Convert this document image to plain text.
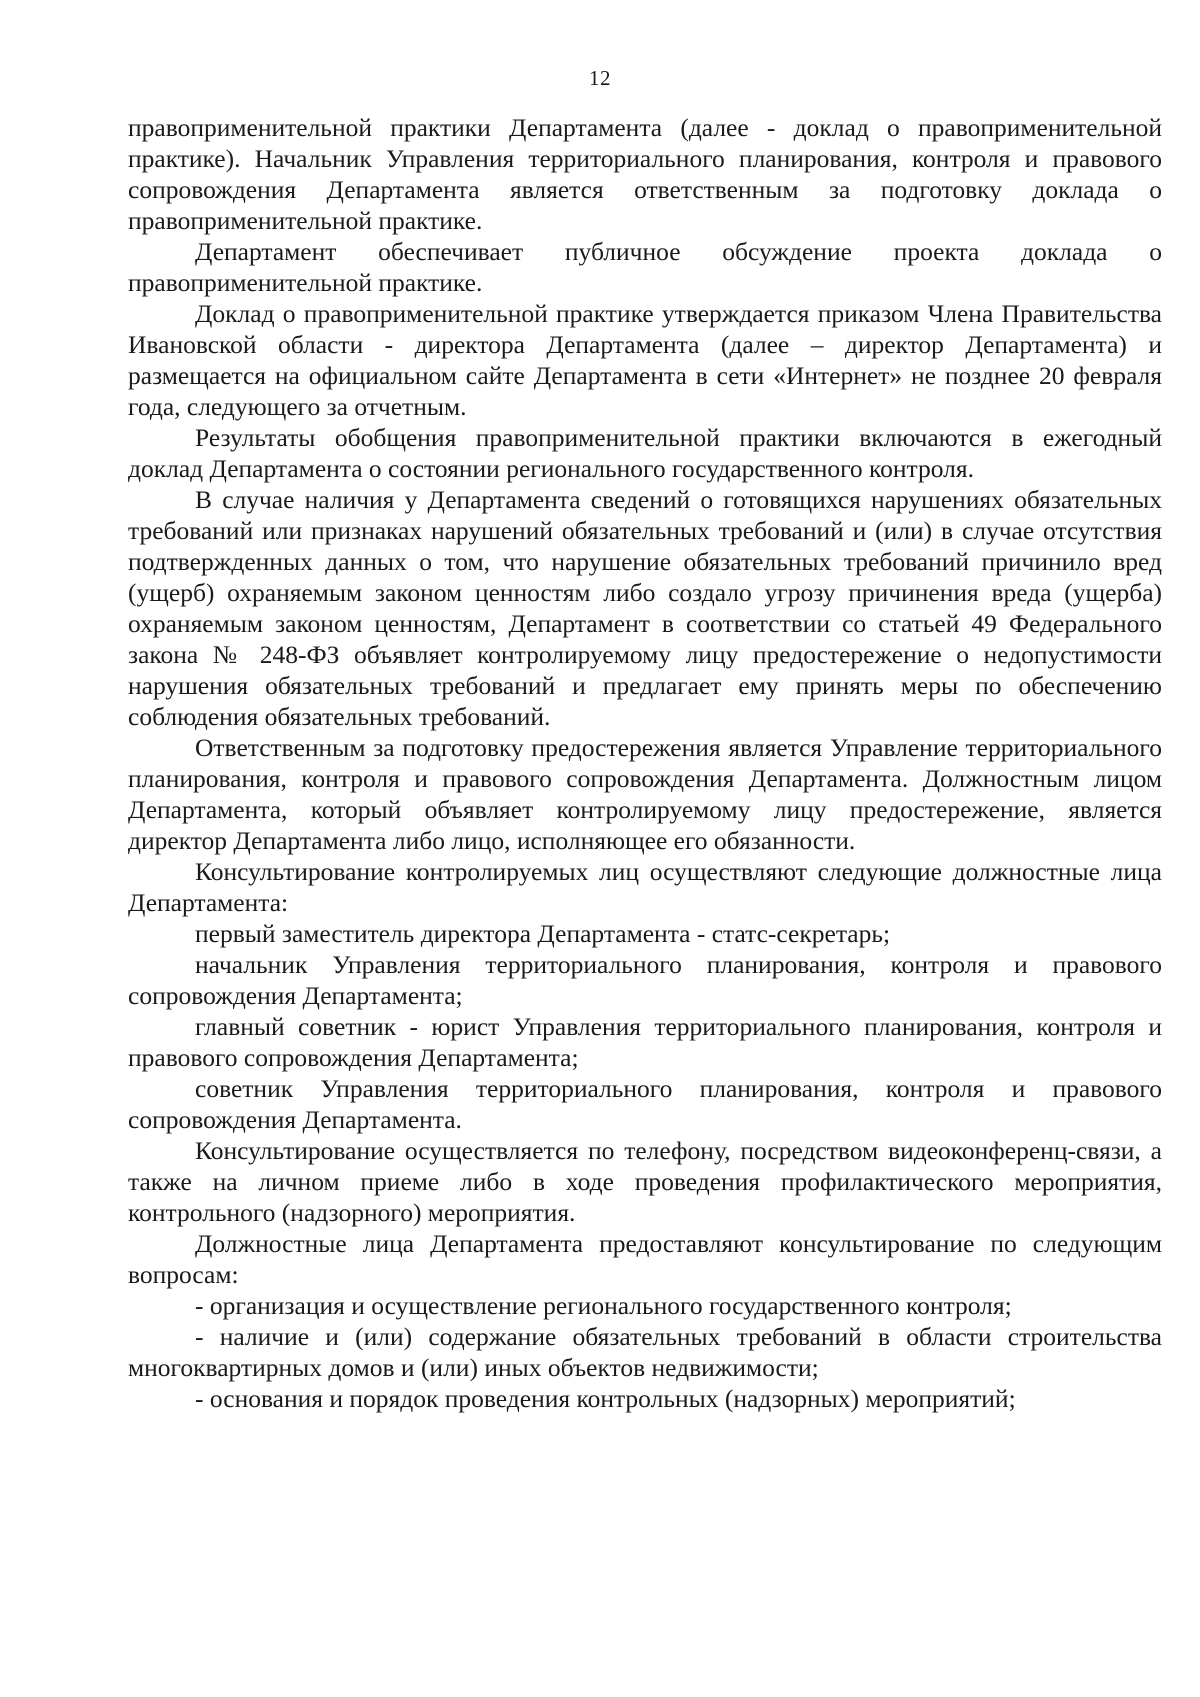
12

правоприменительной практики Департамента (далее - доклад о правоприменительной практике). Начальник Управления территориального планирования, контроля и правового сопровождения Департамента является ответственным за подготовку доклада о правоприменительной практике.

Департамент обеспечивает публичное обсуждение проекта доклада о правоприменительной практике.

Доклад о правоприменительной практике утверждается приказом Члена Правительства Ивановской области - директора Департамента (далее – директор Департамента) и размещается на официальном сайте Департамента в сети «Интернет» не позднее 20 февраля года, следующего за отчетным.

Результаты обобщения правоприменительной практики включаются в ежегодный доклад Департамента о состоянии регионального государственного контроля.

В случае наличия у Департамента сведений о готовящихся нарушениях обязательных требований или признаках нарушений обязательных требований и (или) в случае отсутствия подтвержденных данных о том, что нарушение обязательных требований причинило вред (ущерб) охраняемым законом ценностям либо создало угрозу причинения вреда (ущерба) охраняемым законом ценностям, Департамент в соответствии со статьей 49 Федерального закона № 248-ФЗ объявляет контролируемому лицу предостережение о недопустимости нарушения обязательных требований и предлагает ему принять меры по обеспечению соблюдения обязательных требований.

Ответственным за подготовку предостережения является Управление территориального планирования, контроля и правового сопровождения Департамента. Должностным лицом Департамента, который объявляет контролируемому лицу предостережение, является директор Департамента либо лицо, исполняющее его обязанности.

Консультирование контролируемых лиц осуществляют следующие должностные лица Департамента:

первый заместитель директора Департамента - статс-секретарь;

начальник Управления территориального планирования, контроля и правового сопровождения Департамента;

главный советник - юрист Управления территориального планирования, контроля и правового сопровождения Департамента;

советник Управления территориального планирования, контроля и правового сопровождения Департамента.

Консультирование осуществляется по телефону, посредством видеоконференц-связи, а также на личном приеме либо в ходе проведения профилактического мероприятия, контрольного (надзорного) мероприятия.

Должностные лица Департамента предоставляют консультирование по следующим вопросам:

- организация и осуществление регионального государственного контроля;

- наличие и (или) содержание обязательных требований в области строительства многоквартирных домов и (или) иных объектов недвижимости;

- основания и порядок проведения контрольных (надзорных) мероприятий;
